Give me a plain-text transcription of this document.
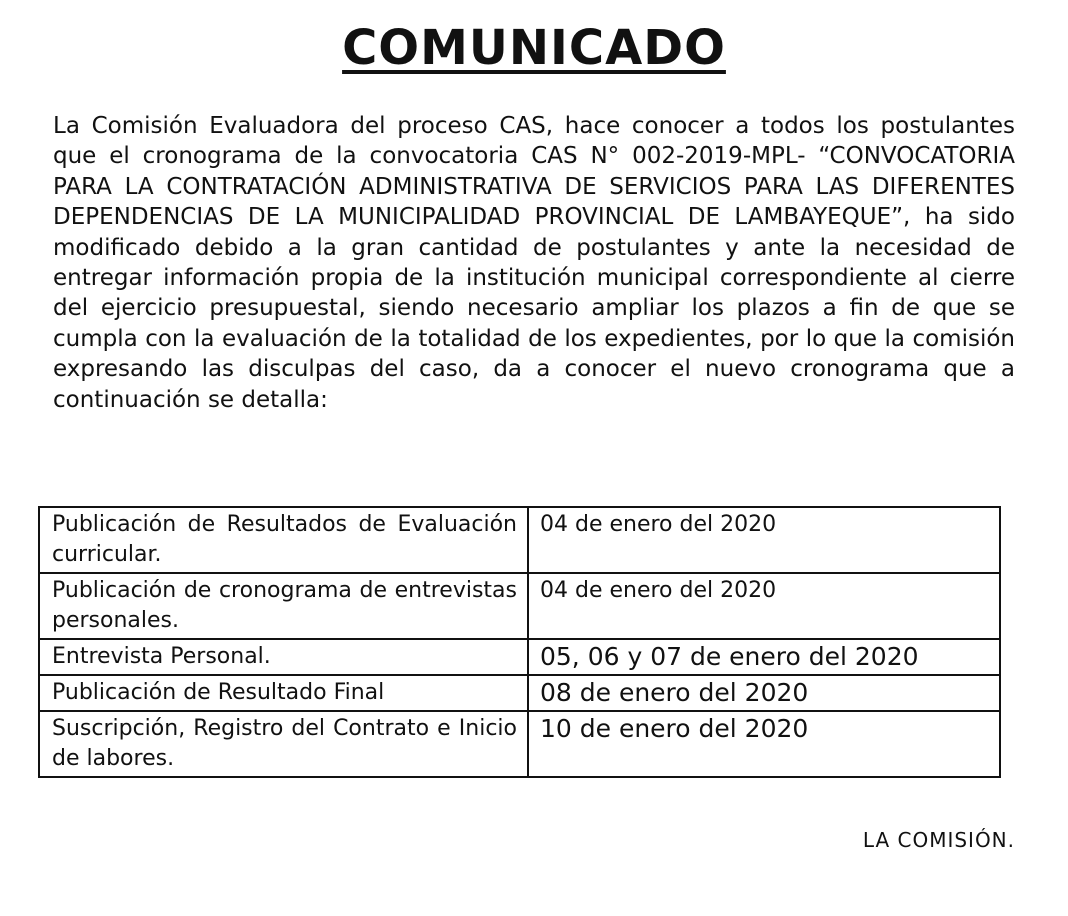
COMUNICADO
La Comisión Evaluadora del proceso CAS, hace conocer a todos los postulantes que el cronograma de la convocatoria CAS N° 002-2019-MPL- “CONVOCATORIA PARA LA CONTRATACIÓN ADMINISTRATIVA DE SERVICIOS PARA LAS DIFERENTES DEPENDENCIAS DE LA MUNICIPALIDAD PROVINCIAL DE LAMBAYEQUE”, ha sido modificado debido a la gran cantidad de postulantes y ante la necesidad de entregar información propia de la institución municipal correspondiente al cierre del ejercicio presupuestal, siendo necesario ampliar los plazos a fin de que se cumpla con la evaluación de la totalidad de los expedientes, por lo que la comisión expresando las disculpas del caso, da a conocer el nuevo cronograma que a continuación se detalla:
Publicación de Resultados de Evaluación curricular.	04 de enero del 2020
Publicación de cronograma de entrevistas personales.	04 de enero del 2020
Entrevista Personal.	05, 06 y 07 de enero del 2020
Publicación de Resultado Final	08 de enero del 2020
Suscripción, Registro del Contrato e Inicio de labores.	10 de enero del 2020
LA COMISIÓN.
